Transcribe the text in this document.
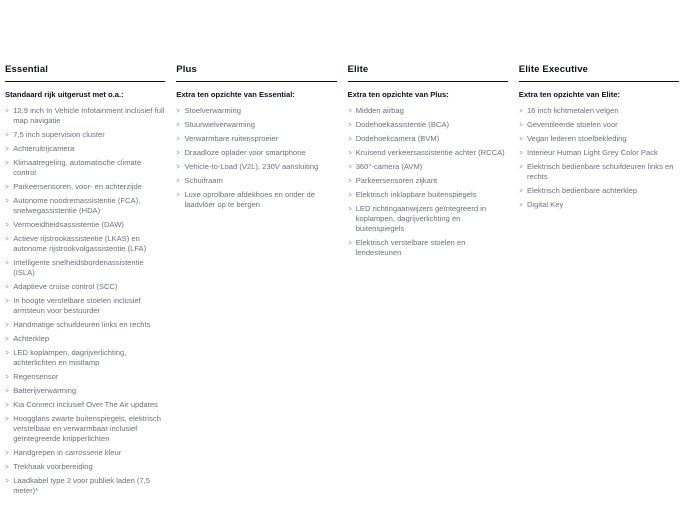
Essential

Standaard rijk uitgerust met o.a.:

> 12,9 inch In Vehicle Infotainment inclusief full map navigatie
> 7,5 inch supervision cluster
> Achteruitrijcamera
> Klimaatregeling, automatische climate control
> Parkeersensoren, voor- en achterzijde
> Autonome noodremassistentie (FCA), snelwegassistentie (HDA)
> Vermoeidheidsassistentie (DAW)
> Actieve rijstrookassistentie (LKAS) en autonome rijstrookvolgassistentie (LFA)
> Intelligente snelheidsbordenassistentie (ISLA)
> Adaptieve cruise control (SCC)
> In hoogte verstelbare stoelen inclusief armsteun voor bestuurder
> Handmatige schuifdeuren links en rechts
> Achterklep
> LED koplampen, dagrijverlichting, achterlichten en mistlamp
> Regensensor
> Batterijverwarming
> Kia Connect inclusief Over The Air updates
> Hoogglans zwarte buitenspiegels, elektrisch verstelbaar en verwarmbaar inclusief geïntegreerde knipperlichten
> Handgrepen in carrosserie kleur
> Trekhaak voorbereiding
> Laadkabel type 2 voor publiek laden (7,5 meter)*
Plus

Extra ten opzichte van Essential:

> Stoelverwarming
> Stuurwielverwarming
> Verwarmbare ruitensproeier
> Draadloze oplader voor smartphone
> Vehicle-to-Load (V2L), 230V aansluiting
> Schuifraam
> Luxe oprolbare afdekhoes en onder de laadvloer op te bergen
Elite

Extra ten opzichte van Plus:

> Midden airbag
> Dodehoekassistentie (BCA)
> Dodehoekcamera (BVM)
> Kruisend verkeersassistentie achter (RCCA)
> 360°-camera (AVM)
> Parkeersensoren zijkant
> Elektrisch inklapbare buitenspiegels
> LED richtingaanwijzers geïntegreerd in koplampen, dagrijverlichting en buitenspiegels
> Elektrisch verstelbare stoelen en lendesteunen
Elite Executive

Extra ten opzichte van Elite:

> 16 inch lichtmetalen velgen
> Geventileerde stoelen voor
> Vegan lederen stoelbekleding
> Interieur Human Light Grey Color Pack
> Elektrisch bedienbare schuifdeuren links en rechts
> Elektrisch bedienbare achterklep
> Digital Key
